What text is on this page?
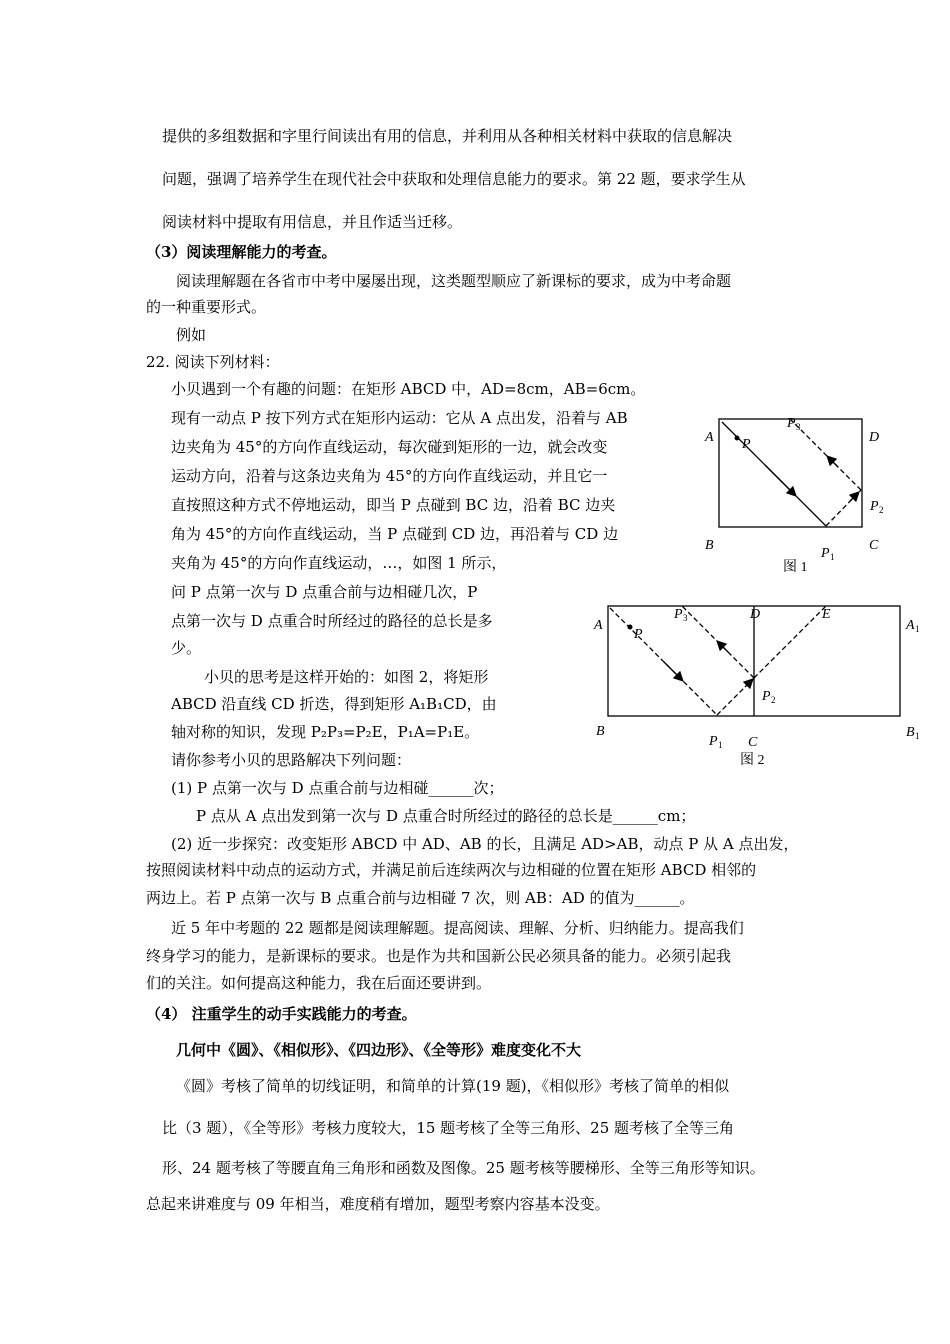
提供的多组数据和字里行间读出有用的信息，并利用从各种相关材料中获取的信息解决
问题，强调了培养学生在现代社会中获取和处理信息能力的要求。第 22 题，要求学生从
阅读材料中提取有用信息，并且作适当迁移。
（3）阅读理解能力的考查。
阅读理解题在各省市中考中屡屡出现，这类题型顺应了新课标的要求，成为中考命题
的一种重要形式。
例如
22. 阅读下列材料：
小贝遇到一个有趣的问题：在矩形 ABCD 中，AD=8cm，AB=6cm。
现有一动点 P 按下列方式在矩形内运动：它从 A 点出发，沿着与 AB
边夹角为 45°的方向作直线运动，每次碰到矩形的一边，就会改变
运动方向，沿着与这条边夹角为 45°的方向作直线运动，并且它一
直按照这种方式不停地运动，即当 P 点碰到 BC 边，沿着 BC 边夹
角为 45°的方向作直线运动，当 P 点碰到 CD 边，再沿着与 CD 边
夹角为 45°的方向作直线运动，…，如图 1 所示，
问 P 点第一次与 D 点重合前与边相碰几次，P
点第一次与 D 点重合时所经过的路径的总长是多
少。
小贝的思考是这样开始的：如图 2，将矩形
ABCD 沿直线 CD 折迭，得到矩形 A₁B₁CD，由
轴对称的知识，发现 P₂P₃=P₂E，P₁A=P₁E。
请你参考小贝的思路解决下列问题：
(1) P 点第一次与 D 点重合前与边相碰______次；
P 点从 A 点出发到第一次与 D 点重合时所经过的路径的总长是______cm；
(2) 近一步探究：改变矩形 ABCD 中 AD、AB 的长，且满足 AD>AB，动点 P 从 A 点出发，
按照阅读材料中动点的运动方式，并满足前后连续两次与边相碰的位置在矩形 ABCD 相邻的
两边上。若 P 点第一次与 B 点重合前与边相碰 7 次，则 AB：AD 的值为______。
近 5 年中考题的 22 题都是阅读理解题。提高阅读、理解、分析、归纳能力。提高我们
终身学习的能力，是新课标的要求。也是作为共和国新公民必须具备的能力。必须引起我
们的关注。如何提高这种能力，我在后面还要讲到。
（4） 注重学生的动手实践能力的考查。
几何中《圆》、《相似形》、《四边形》、《全等形》难度变化不大
《圆》考核了简单的切线证明，和简单的计算(19 题)，《相似形》考核了简单的相似
比（3 题），《全等形》考核力度较大，15 题考核了全等三角形、25 题考核了全等三角
形、24 题考核了等腰直角三角形和函数及图像。25 题考核等腰梯形、全等三角形等知识。
总起来讲难度与 09 年相当，难度稍有增加，题型考察内容基本没变。
A	D
B	C
P
P 3
P 2
P 1
图 1
A
B
D	E
A 1
B 1
P
P 3
P 2
P 1 C
图 2
